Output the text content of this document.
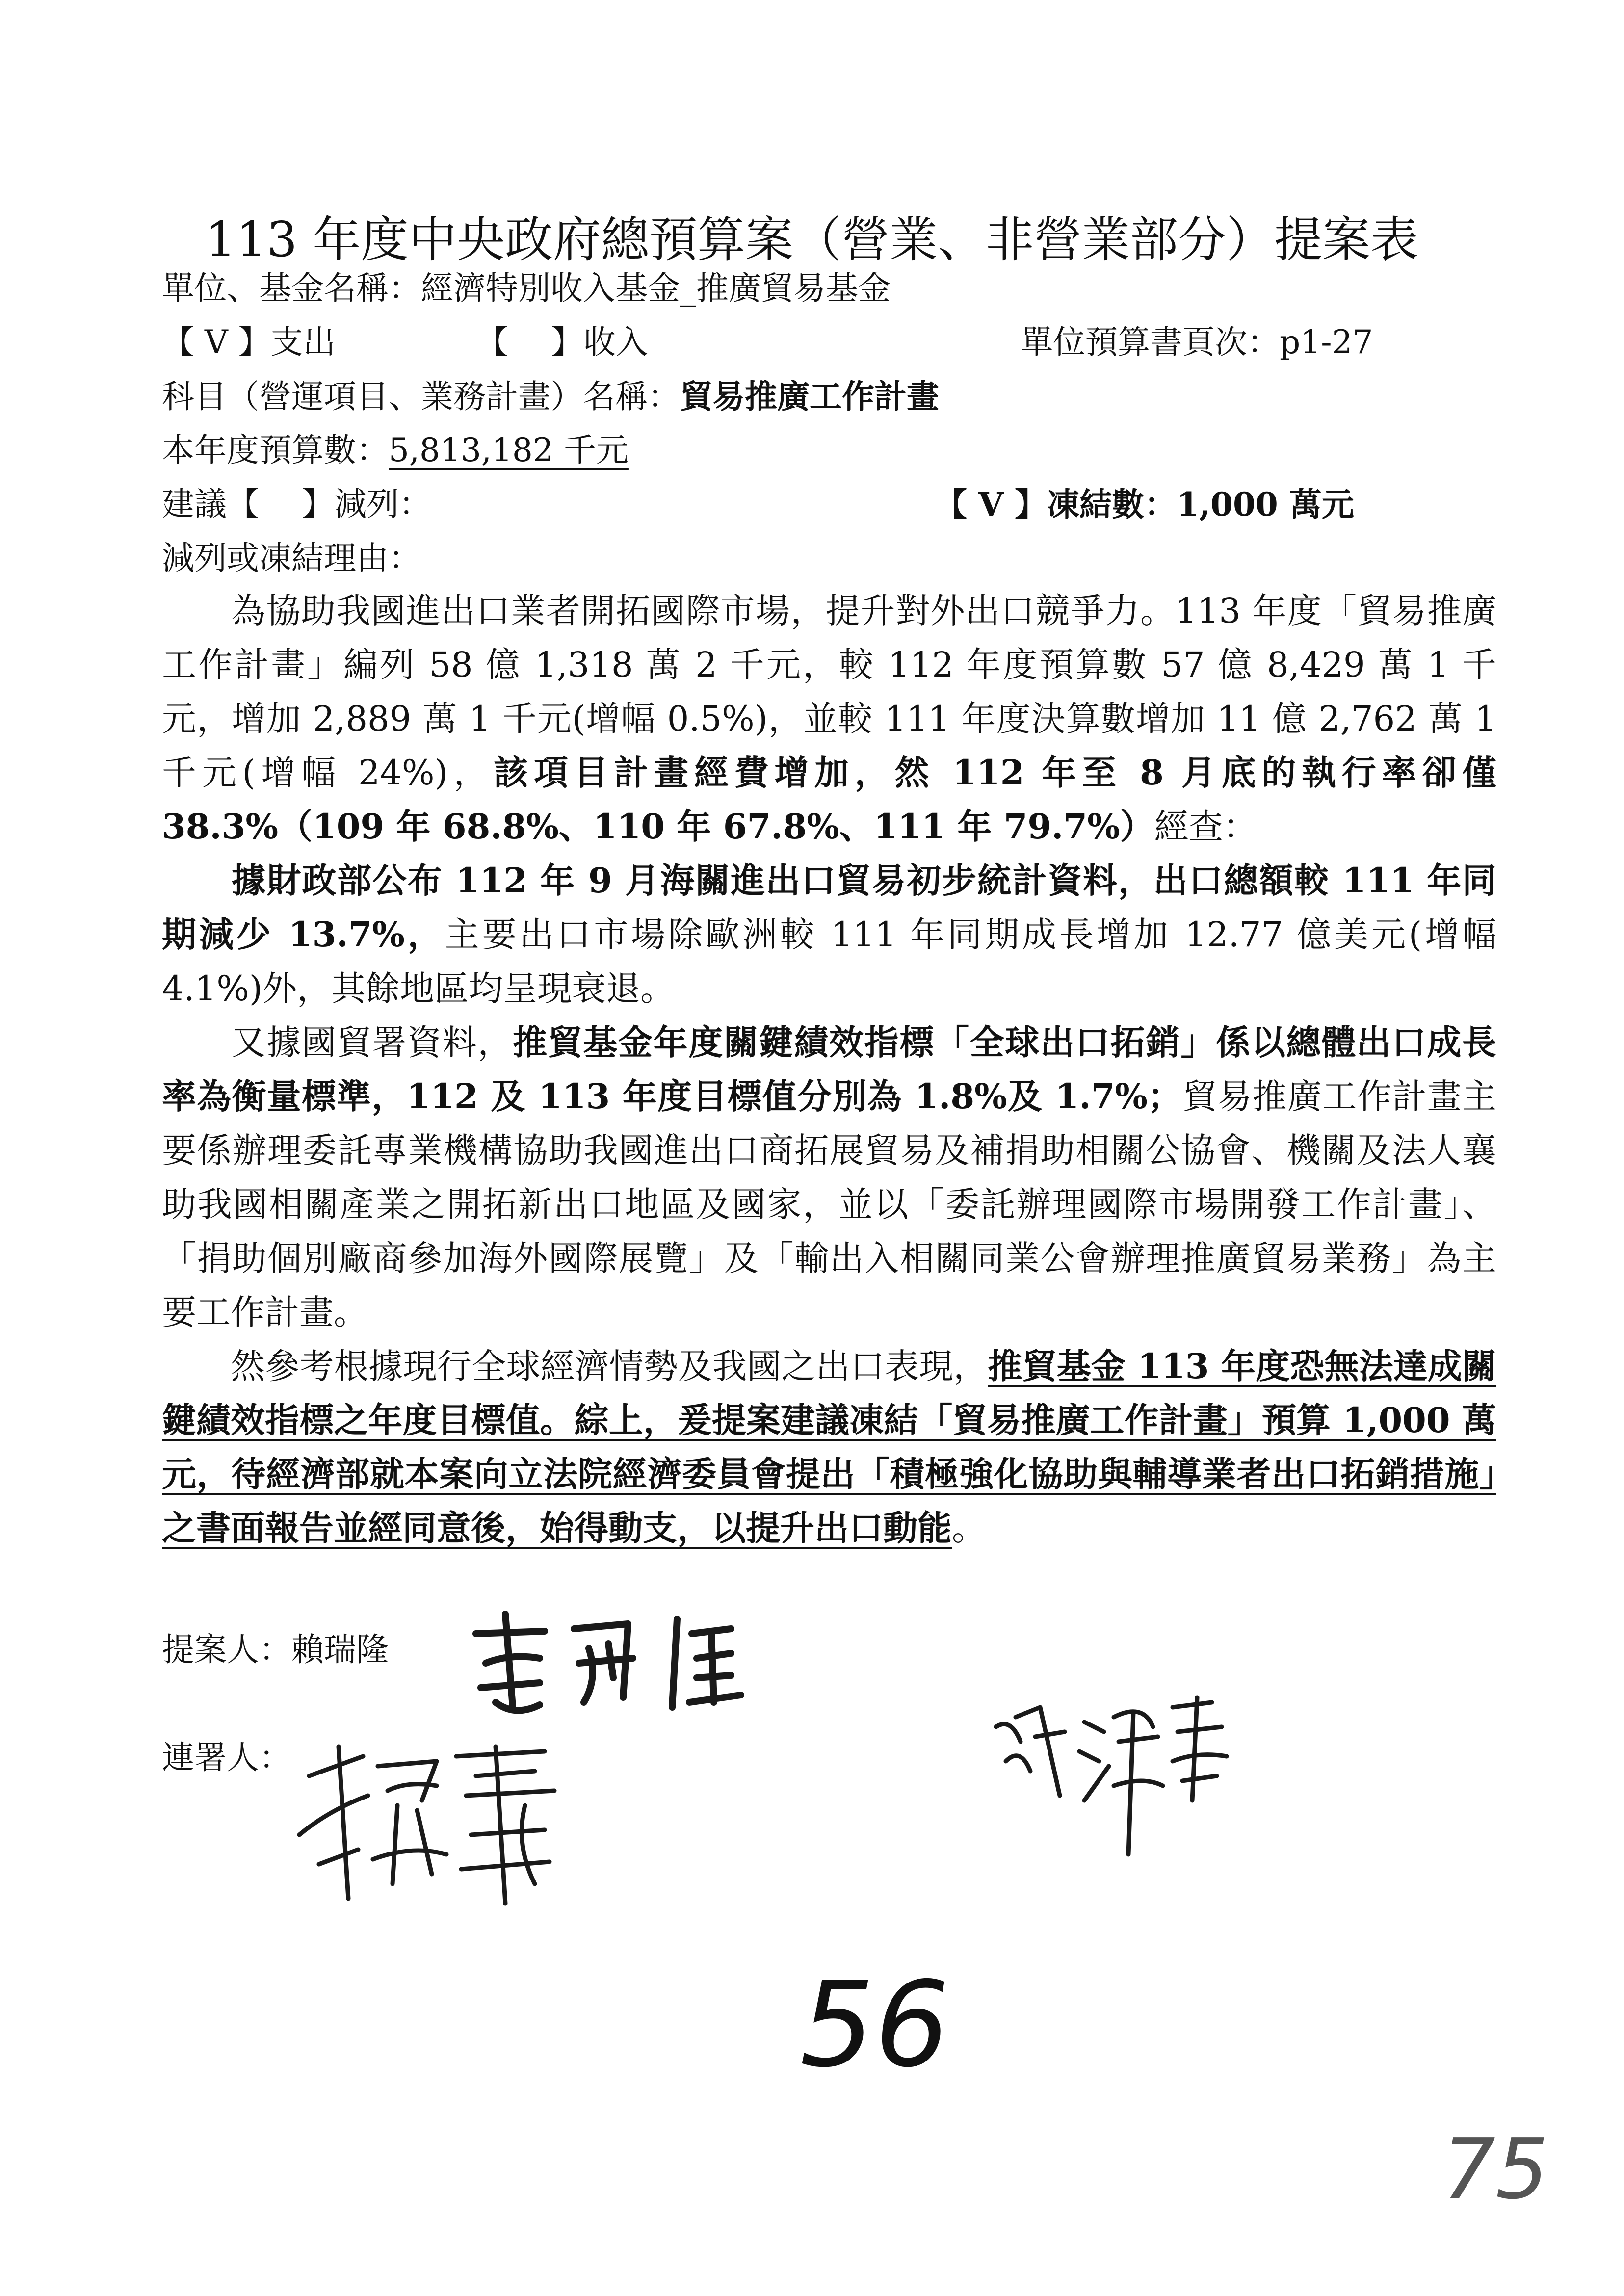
113 年度中央政府總預算案（營業、非營業部分）提案表
單位、基金名稱：經濟特別收入基金_推廣貿易基金
【 V 】支出	【　 】收入	單位預算書頁次：p1-27
科目（營運項目、業務計畫）名稱：貿易推廣工作計畫
本年度預算數：5,813,182 千元
建議【　 】減列：	【 V 】凍結數：1,000 萬元
減列或凍結理由：

為協助我國進出口業者開拓國際市場，提升對外出口競爭力。113 年度「貿易推廣工作計畫」編列 58 億 1,318 萬 2 千元，較 112 年度預算數 57 億 8,429 萬 1 千元，增加 2,889 萬 1 千元(增幅 0.5%)，並較 111 年度決算數增加 11 億 2,762 萬 1 千元(增幅 24%)，該項目計畫經費增加，然 112 年至 8 月底的執行率卻僅 38.3%（109 年 68.8%、110 年 67.8%、111 年 79.7%）經查：

據財政部公布 112 年 9 月海關進出口貿易初步統計資料，出口總額較 111 年同期減少 13.7%，主要出口市場除歐洲較 111 年同期成長增加 12.77 億美元(增幅 4.1%)外，其餘地區均呈現衰退。

又據國貿署資料，推貿基金年度關鍵績效指標「全球出口拓銷」係以總體出口成長率為衡量標準，112 及 113 年度目標值分別為 1.8%及 1.7%；貿易推廣工作計畫主要係辦理委託專業機構協助我國進出口商拓展貿易及補捐助相關公協會、機關及法人襄助我國相關產業之開拓新出口地區及國家，並以「委託辦理國際市場開發工作計畫」、「捐助個別廠商參加海外國際展覽」及「輸出入相關同業公會辦理推廣貿易業務」為主要工作計畫。

然參考根據現行全球經濟情勢及我國之出口表現，推貿基金 113 年度恐無法達成關鍵績效指標之年度目標值。綜上，爰提案建議凍結「貿易推廣工作計畫」預算 1,000 萬元，待經濟部就本案向立法院經濟委員會提出「積極強化協助與輔導業者出口拓銷措施」之書面報告並經同意後，始得動支，以提升出口動能。

提案人：賴瑞隆
連署人：
56
75
